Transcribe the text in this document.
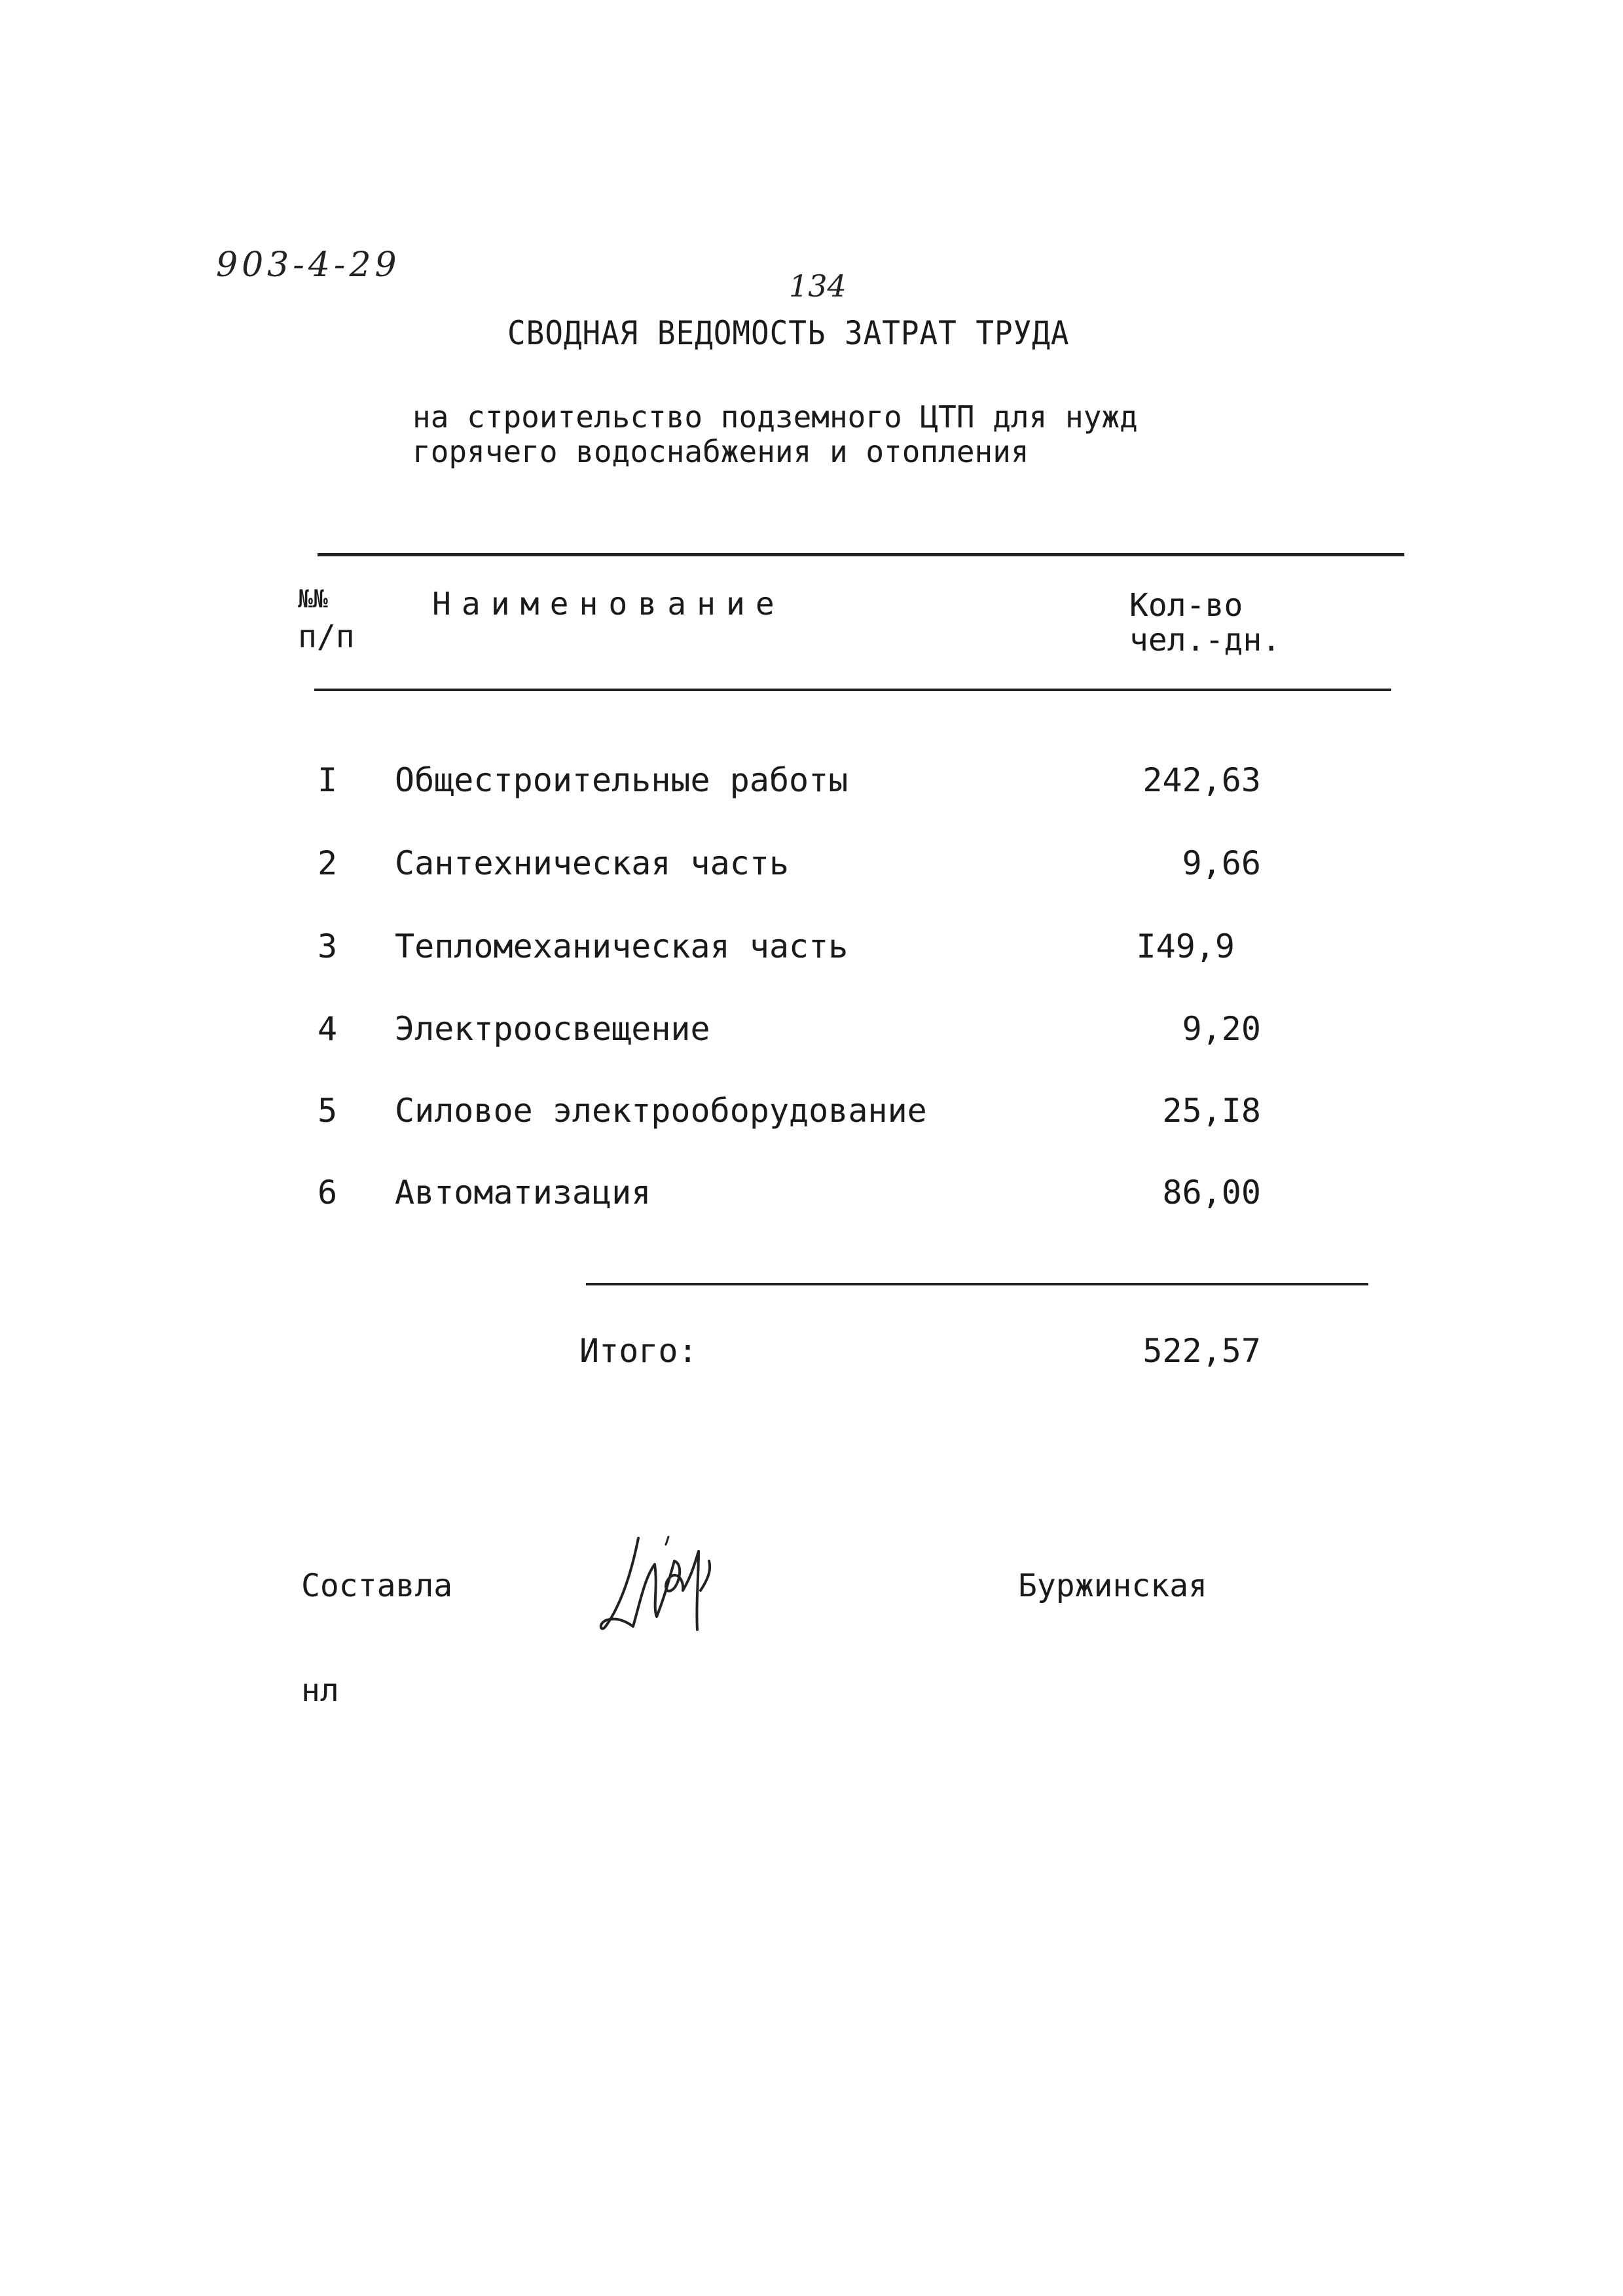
903-4-29
134
СВОДНАЯ ВЕДОМОСТЬ ЗАТРАТ ТРУДА
на строительство подземного ЦТП для нужд
горячего водоснабжения и отопления
№№
п/п
Наименование	Кол-во
чел.-дн.
I Общестроительные работы	242,63
2 Сантехническая часть	9,66
3 Тепломеханическая часть	I49,9
4 Электроосвещение	9,20
5 Силовое электрооборудование	25,I8
6 Автоматизация	86,00
Итого:	522,57
Составла
нл
Буржинская
